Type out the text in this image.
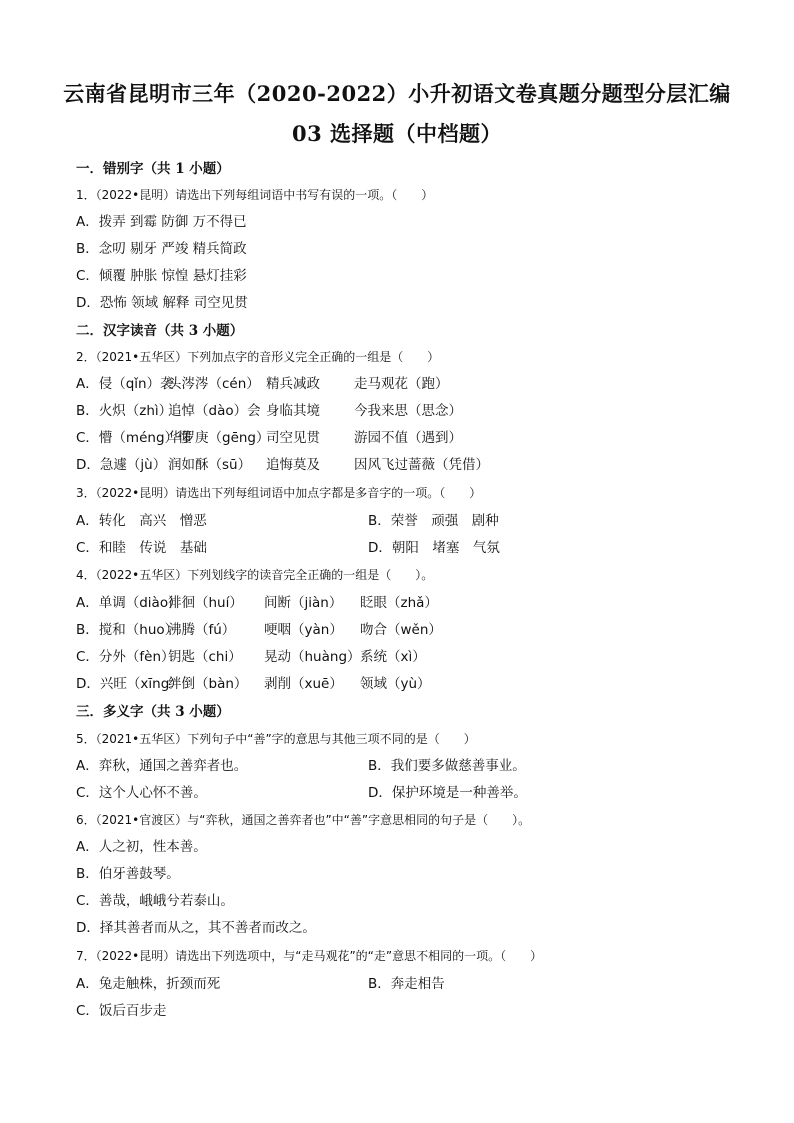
云南省昆明市三年（2020-2022）小升初语文卷真题分题型分层汇编
03 选择题（中档题）
一．错别字（共 1 小题）
1．（2022•昆明）请选出下列每组词语中书写有误的一项。（　　）
A．拨弄 到霉 防御 万不得已
B．念叨 剔牙 严竣 精兵简政
C．倾覆 肿胀 惊惶 悬灯挂彩
D．恐怖 领域 解释 司空见贯
二．汉字读音（共 3 小题）
2．（2021•五华区）下列加点字的音形义完全正确的一组是（　　）
A．侵（qǐn）袭头涔涔（cén） 精兵减政	走马观花（跑）
B．火炽（zhì）追悼（dào）会 身临其境	今我来思（思念）
C．懵（méng）懂华罗庚（gēng）司空见贯	游园不值（遇到）
D．急遽（jù） 润如酥（sū） 追悔莫及	因风飞过蔷薇（凭借）
3．（2022•昆明）请选出下列每组词语中加点字都是多音字的一项。（　　）
A．转化　高兴　憎恶	B．荣誉　顽强　剧种
C．和睦　传说　基础	D．朝阳　堵塞　气氛
4．（2022•五华区）下列划线字的读音完全正确的一组是（　　）。
A．单调（diào）徘徊（huí） 间断（jiàn） 眨眼（zhǎ）
B．搅和（huo）沸腾（fú） 哽咽（yàn） 吻合（wěn）
C．分外（fèn）钥匙（chi） 晃动（huàng）系统（xì）
D．兴旺（xīng）绊倒（bàn） 剥削（xuē） 领域（yù）
三．多义字（共 3 小题）
5．（2021•五华区）下列句子中“善”字的意思与其他三项不同的是（　　）
A．弈秋，通国之善弈者也。	B．我们要多做慈善事业。
C．这个人心怀不善。	D．保护环境是一种善举。
6．（2021•官渡区）与“弈秋，通国之善弈者也”中“善”字意思相同的句子是（　　）。
A．人之初，性本善。
B．伯牙善鼓琴。
C．善哉，峨峨兮若泰山。
D．择其善者而从之，其不善者而改之。
7．（2022•昆明）请选出下列选项中，与“走马观花”的“走”意思不相同的一项。（　　）
A．兔走触株，折颈而死	B．奔走相告
C．饭后百步走
